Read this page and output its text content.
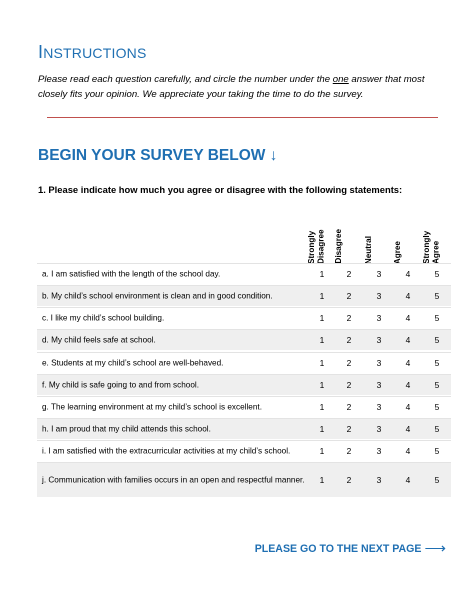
INSTRUCTIONS

Please read each question carefully, and circle the number under the one answer that most closely fits your opinion. We appreciate your taking the time to do the survey.

BEGIN YOUR SURVEY BELOW ↓

1. Please indicate how much you agree or disagree with the following statements:

Strongly Disagree	Disagree	Neutral	Agree	Strongly Agree
a. I am satisfied with the length of the school day.	1	2	3	4	5
b. My child’s school environment is clean and in good condition.	1	2	3	4	5
c. I like my child’s school building.	1	2	3	4	5
d. My child feels safe at school.	1	2	3	4	5
e. Students at my child’s school are well-behaved.	1	2	3	4	5
f. My child is safe going to and from school.	1	2	3	4	5
g. The learning environment at my child’s school is excellent.	1	2	3	4	5
h. I am proud that my child attends this school.	1	2	3	4	5
i. I am satisfied with the extracurricular activities at my child’s school.	1	2	3	4	5
j. Communication with families occurs in an open and respectful manner.	1	2	3	4	5

PLEASE GO TO THE NEXT PAGE ⟶
